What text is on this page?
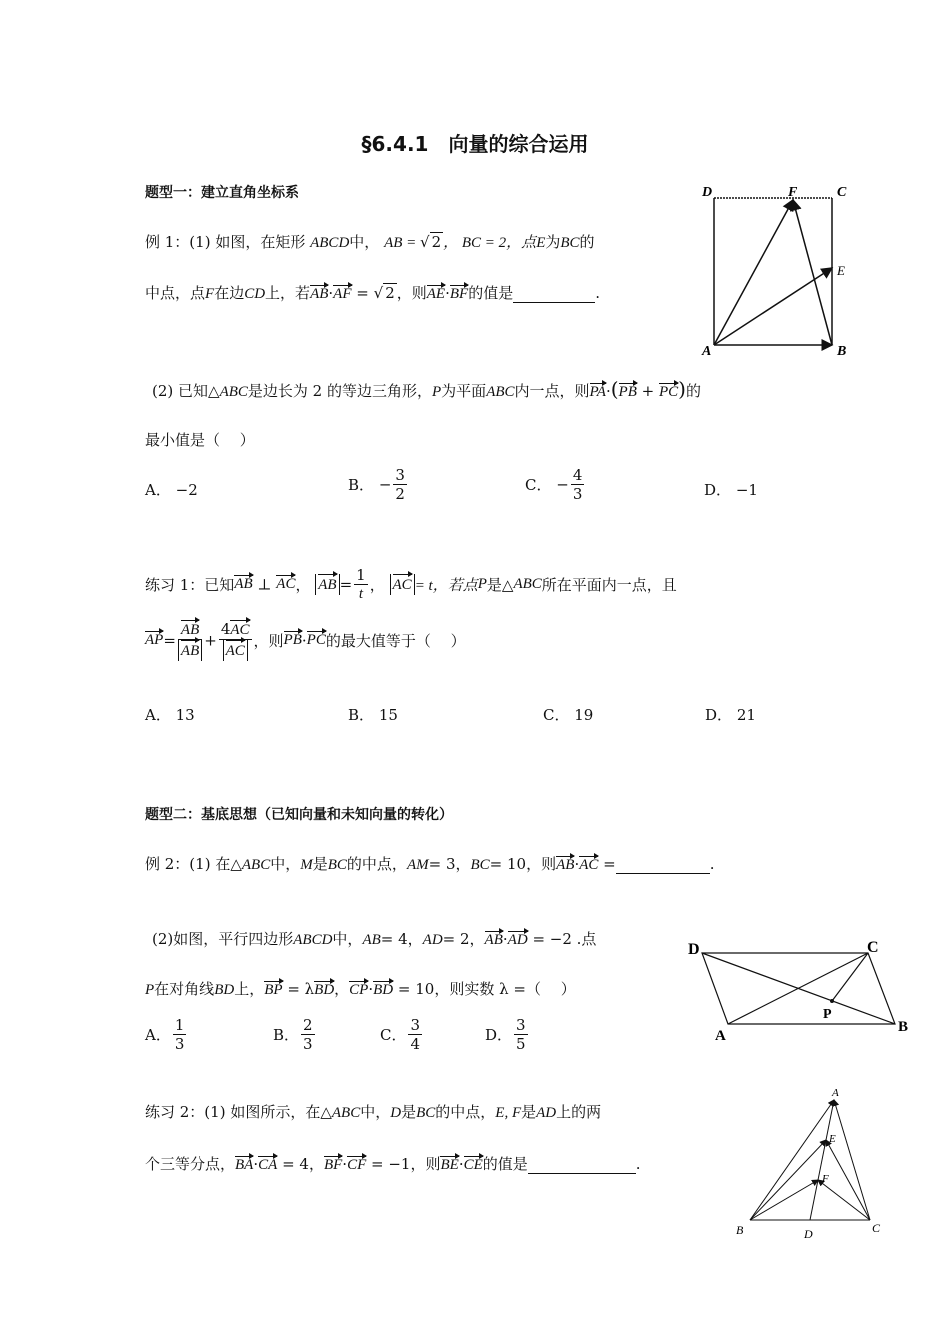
§6.4.1　向量的综合运用
题型一：建立直角坐标系
例 1：(1) 如图，在矩形 ABCD中， AB = √ 2 ， BC = 2，点E为BC的
中点，点F在边CD上，若AB·AF = √ 2 ，则AE·BF的值是	.
D	F	C
E
A	B
(2) 已知△ABC是边长为 2 的等边三角形，P为平面ABC内一点，则PA·(PB + PC)的
最小值是（　 ）
A． −2	B． − $\frac{3}{2}$	C． − $\frac{4}{3}$	D． −1
练习 1：已知AB ⊥ AC， AB = $\frac{1}{t}$ ， AC = t，若点P是△ABC所在平面内一点，且
$AP= \frac{AB}{AB} + \frac{4AC}{AC}$ ，则PB·PC的最大值等于（　 ）
A． 13	B． 15	C． 19	D． 21
题型二：基底思想（已知向量和未知向量的转化）
例 2：(1) 在△ABC中，M是BC的中点，AM= 3，BC= 10，则AB·AC =	.
(2)如图，平行四边形ABCD中，AB= 4，AD= 2，AB·AD = −2 .点
P在对角线BD上，BP = λBD，CP·BD = 10，则实数 λ =（　 ）
A． $\frac{1}{3}$	B． $\frac{2}{3}$	C． $\frac{3}{4}$	D． $\frac{3}{5}$
D	C
P
A
B
练习 2：(1) 如图所示，在△ABC中，D是BC的中点，E, F是AD上的两
个三等分点，BA·CA = 4，BF·CF = −1，则BE·CE的值是	.
A
E
F
B	D	C
